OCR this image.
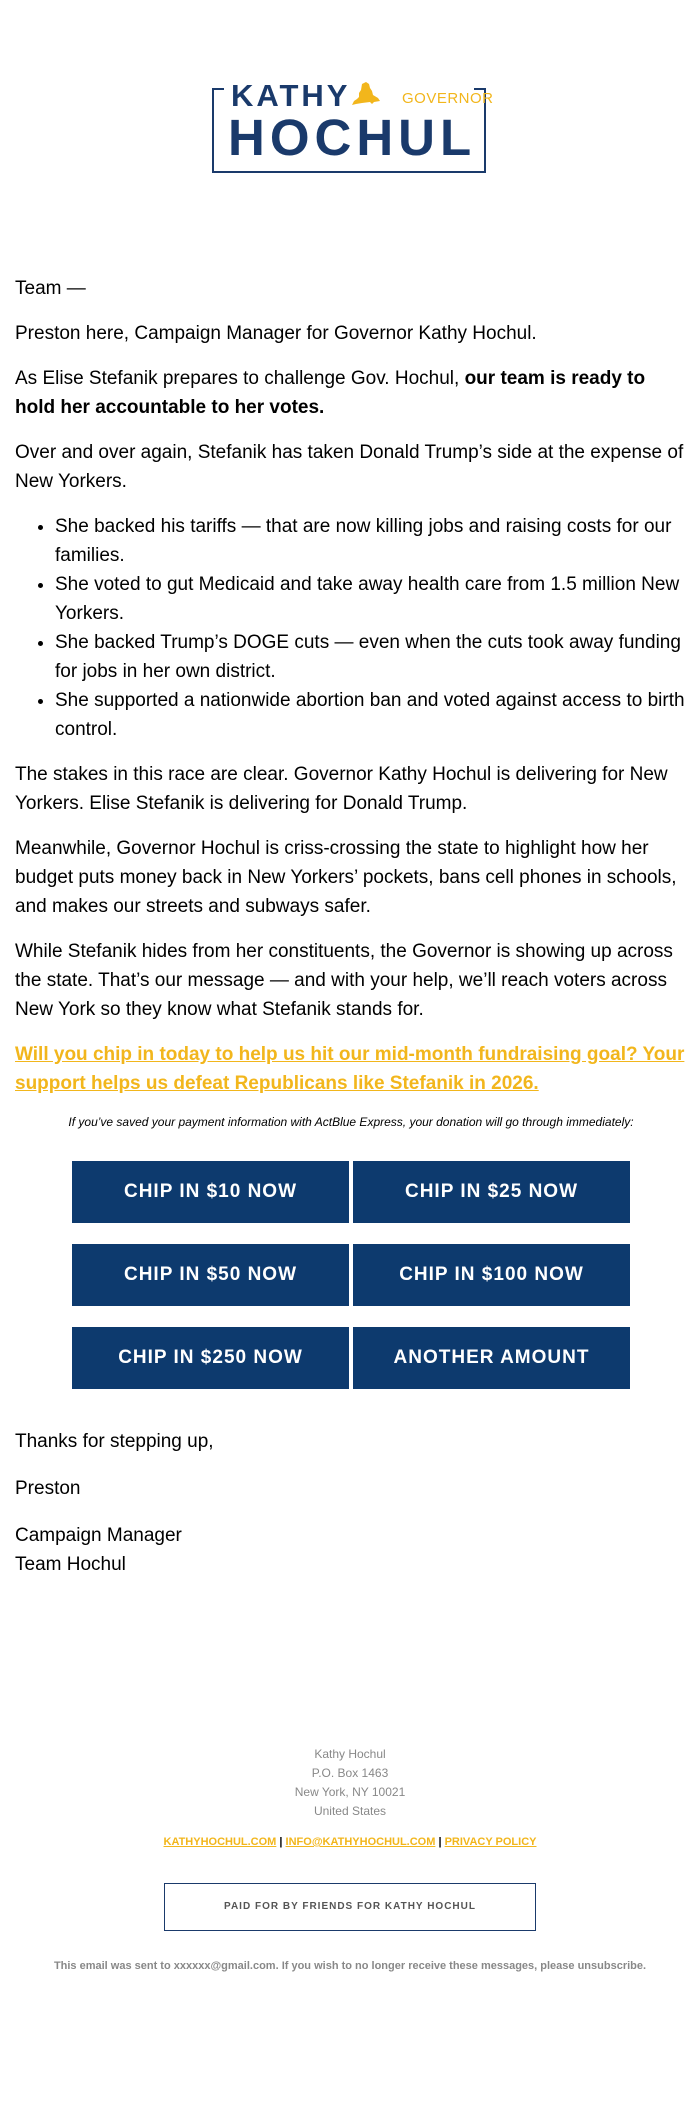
KATHY	GOVERNOR
HOCHUL

Team —

Preston here, Campaign Manager for Governor Kathy Hochul.

As Elise Stefanik prepares to challenge Gov. Hochul, our team is ready to hold her accountable to her votes.

Over and over again, Stefanik has taken Donald Trump’s side at the expense of New Yorkers.

• She backed his tariffs — that are now killing jobs and raising costs for our families.
• She voted to gut Medicaid and take away health care from 1.5 million New Yorkers.
• She backed Trump’s DOGE cuts — even when the cuts took away funding for jobs in her own district.
• She supported a nationwide abortion ban and voted against access to birth control.

The stakes in this race are clear. Governor Kathy Hochul is delivering for New Yorkers. Elise Stefanik is delivering for Donald Trump.

Meanwhile, Governor Hochul is criss-crossing the state to highlight how her budget puts money back in New Yorkers’ pockets, bans cell phones in schools, and makes our streets and subways safer.

While Stefanik hides from her constituents, the Governor is showing up across the state. That’s our message — and with your help, we’ll reach voters across New York so they know what Stefanik stands for.

Will you chip in today to help us hit our mid-month fundraising goal? Your support helps us defeat Republicans like Stefanik in 2026.

If you’ve saved your payment information with ActBlue Express, your donation will go through immediately:

CHIP IN $10 NOW	CHIP IN $25 NOW
CHIP IN $50 NOW	CHIP IN $100 NOW
CHIP IN $250 NOW	ANOTHER AMOUNT

Thanks for stepping up,

Preston

Campaign Manager
Team Hochul
Kathy Hochul
P.O. Box 1463
New York, NY 10021
United States
KATHYHOCHUL.COM | INFO@KATHYHOCHUL.COM | PRIVACY POLICY
PAID FOR BY FRIENDS FOR KATHY HOCHUL
This email was sent to xxxxxx@gmail.com. If you wish to no longer receive these messages, please unsubscribe.
